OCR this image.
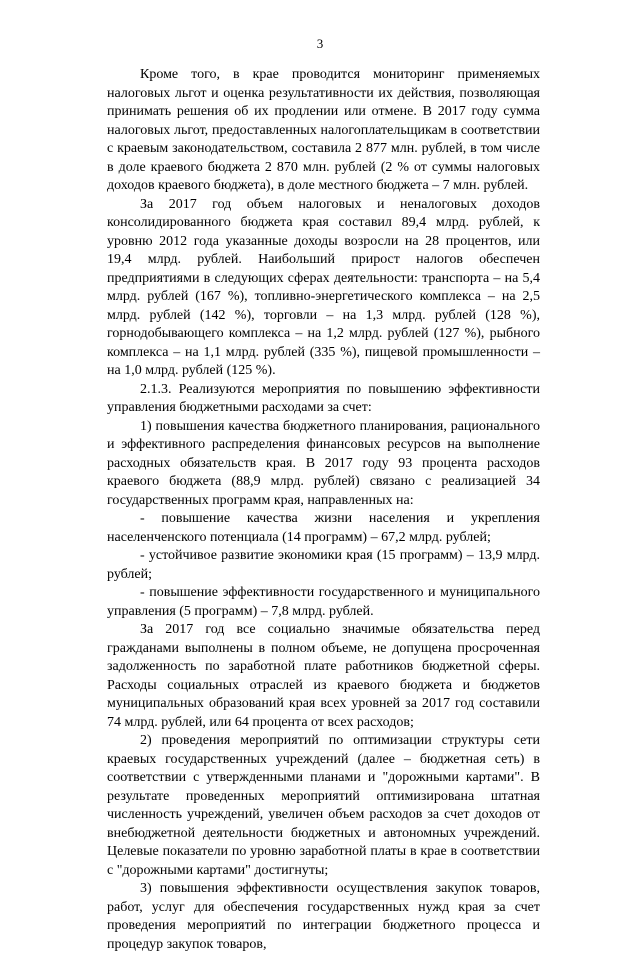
3

Кроме того, в крае проводится мониторинг применяемых налоговых льгот и оценка результативности их действия, позволяющая принимать решения об их продлении или отмене. В 2017 году сумма налоговых льгот, предоставленных налогоплательщикам в соответствии с краевым законодательством, составила 2 877 млн. рублей, в том числе в доле краевого бюджета 2 870 млн. рублей (2 % от суммы налоговых доходов краевого бюджета), в доле местного бюджета – 7 млн. рублей.

За 2017 год объем налоговых и неналоговых доходов консолидированного бюджета края составил 89,4 млрд. рублей, к уровню 2012 года указанные доходы возросли на 28 процентов, или 19,4 млрд. рублей. Наибольший прирост налогов обеспечен предприятиями в следующих сферах деятельности: транспорта – на 5,4 млрд. рублей (167 %), топливно-энергетического комплекса – на 2,5 млрд. рублей (142 %), торговли – на 1,3 млрд. рублей (128 %), горнодобывающего комплекса – на 1,2 млрд. рублей (127 %), рыбного комплекса – на 1,1 млрд. рублей (335 %), пищевой промышленности – на 1,0 млрд. рублей (125 %).

2.1.3. Реализуются мероприятия по повышению эффективности управления бюджетными расходами за счет:

1) повышения качества бюджетного планирования, рационального и эффективного распределения финансовых ресурсов на выполнение расходных обязательств края. В 2017 году 93 процента расходов краевого бюджета (88,9 млрд. рублей) связано с реализацией 34 государственных программ края, направленных на:

- повышение качества жизни населения и укрепления населенченского потенциала (14 программ) – 67,2 млрд. рублей;

- устойчивое развитие экономики края (15 программ) – 13,9 млрд. рублей;

- повышение эффективности государственного и муниципального управления (5 программ) – 7,8 млрд. рублей.

За 2017 год все социально значимые обязательства перед гражданами выполнены в полном объеме, не допущена просроченная задолженность по заработной плате работников бюджетной сферы. Расходы социальных отраслей из краевого бюджета и бюджетов муниципальных образований края всех уровней за 2017 год составили 74 млрд. рублей, или 64 процента от всех расходов;

2) проведения мероприятий по оптимизации структуры сети краевых государственных учреждений (далее – бюджетная сеть) в соответствии с утвержденными планами и "дорожными картами". В результате проведенных мероприятий оптимизирована штатная численность учреждений, увеличен объем расходов за счет доходов от внебюджетной деятельности бюджетных и автономных учреждений. Целевые показатели по уровню заработной платы в крае в соответствии с "дорожными картами" достигнуты;

3) повышения эффективности осуществления закупок товаров, работ, услуг для обеспечения государственных нужд края за счет проведения мероприятий по интеграции бюджетного процесса и процедур закупок товаров,
